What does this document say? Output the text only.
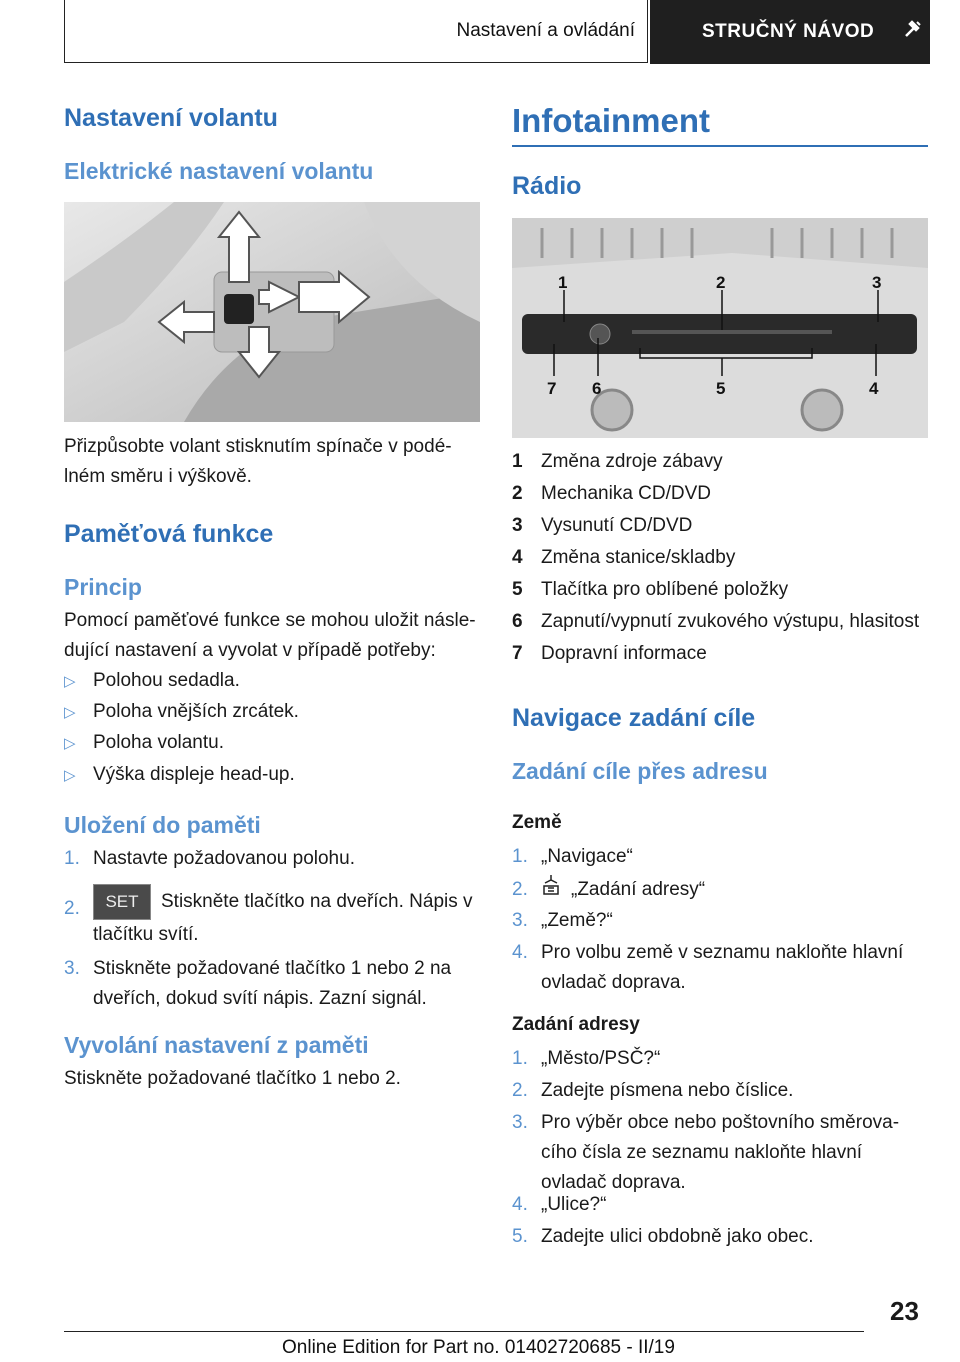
Nastavení a ovládání	STRUČNÝ NÁVOD
Nastavení volantu
Elektrické nastavení volantu

Přizpůsobte volant stisknutím spínače v podélném směru i výškově.

Paměťová funkce
Princip

Pomocí paměťové funkce se mohou uložit následující nastavení a vyvolat v případě potřeby:

▷ Polohou sedadla.
▷ Poloha vnějších zrcátek.
▷ Poloha volantu.
▷ Výška displeje head-up.
Uložení do paměti
1. Nastavte požadovanou polohu.
2.	SET Stiskněte tlačítko na dveřích. Nápis v tlačítku svítí.
3. Stiskněte požadované tlačítko 1 nebo 2 na dveřích, dokud svítí nápis. Zazní signál.
Vyvolání nastavení z paměti

Stiskněte požadované tlačítko 1 nebo 2.

Infotainment
Rádio
1	2	3
7 6	5	4
1 Změna zdroje zábavy
2 Mechanika CD/DVD
3 Vysunutí CD/DVD
4 Změna stanice/skladby
5 Tlačítka pro oblíbené položky
6 Zapnutí/vypnutí zvukového výstupu, hlasitost
7 Dopravní informace
Navigace zadání cíle
Zadání cíle přes adresu
Země
1. „Navigace“
2. „Zadání adresy“
3. „Země?“
4. Pro volbu země v seznamu nakloňte hlavní ovladač doprava.
Zadání adresy
1. „Město/PSČ?“
2. Zadejte písmena nebo číslice.
3. Pro výběr obce nebo poštovního směrovacího čísla ze seznamu nakloňte hlavní ovladač doprava.
4. „Ulice?“
5. Zadejte ulici obdobně jako obec.
23
Online Edition for Part no. 01402720685 - II/19
